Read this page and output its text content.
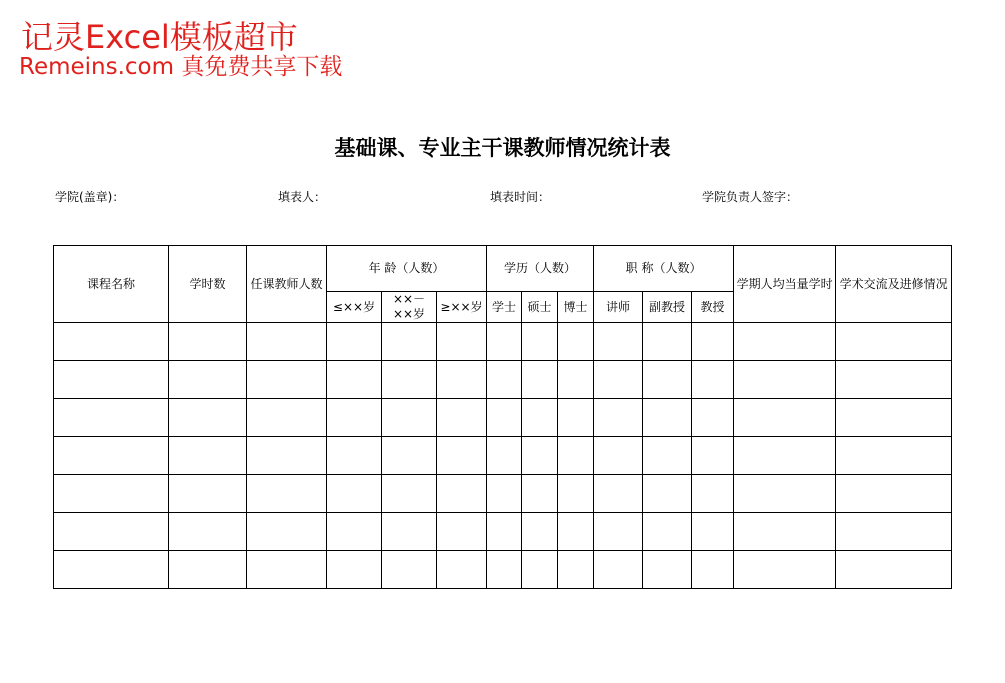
记灵Excel模板超市
Remeins.com 真免费共享下载
基础课、专业主干课教师情况统计表
学院(盖章)：	填表人：	填表时间：	学院负责人签字：
课程名称	学时数	任课教师人数	年 龄（人数）			学历（人数）			职 称（人数）			学期人均当量学时	学术交流及进修情况
			≤××岁	××－××岁	≥××岁	学士	硕士	博士	讲师	副教授	教授		
